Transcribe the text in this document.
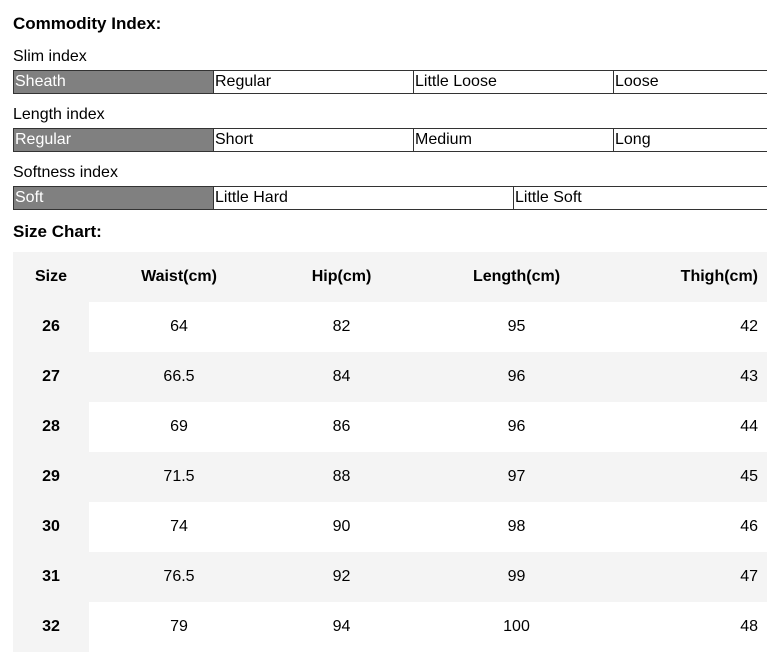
Commodity Index:
Slim index
Sheath	Regular	Little Loose	Loose
Length index
Regular	Short	Medium	Long
Softness index
Soft	Little Hard	Little Soft
Size Chart:
Size	Waist(cm)	Hip(cm)	Length(cm)	Thigh(cm)
26	64	82	95	42
27	66.5	84	96	43
28	69	86	96	44
29	71.5	88	97	45
30	74	90	98	46
31	76.5	92	99	47
32	79	94	100	48
